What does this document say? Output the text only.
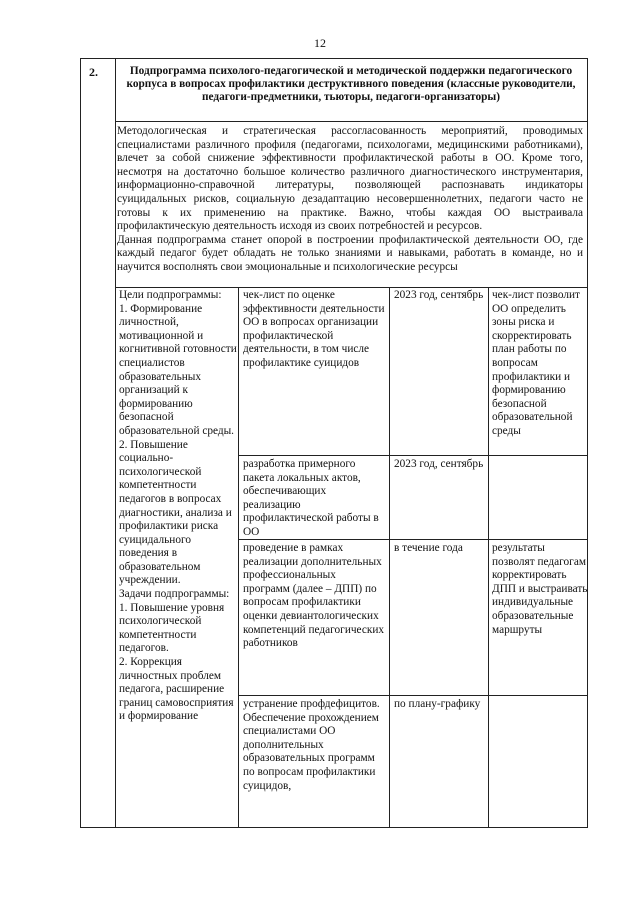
12
2.	Подпрограмма психолого-педагогической и методической поддержки педагогического корпуса в вопросах профилактики деструктивного поведения (классные руководители, педагоги-предметники, тьюторы, педагоги-организаторы)

Методологическая и стратегическая рассогласованность мероприятий, проводимых специалистами различного профиля (педагогами, психологами, медицинскими работниками), влечет за собой снижение эффективности профилактической работы в ОО. Кроме того, несмотря на достаточно большое количество различного диагностического инструментария, информационно-справочной литературы, позволяющей распознавать индикаторы суицидальных рисков, социальную дезадаптацию несовершеннолетних, педагоги часто не готовы к их применению на практике. Важно, чтобы каждая ОО выстраивала профилактическую деятельность исходя из своих потребностей и ресурсов.

Данная подпрограмма станет опорой в построении профилактической деятельности ОО, где каждый педагог будет обладать не только знаниями и навыками, работать в команде, но и научится восполнять свои эмоциональные и психологические ресурсы

Цели подпрограммы:
1. Формирование личностной, мотивационной и когнитивной готовности специалистов образовательных организаций к формированию безопасной образовательной среды.
2. Повышение социально-психологической компетентности педагогов в вопросах диагностики, анализа и профилактики риска суицидального поведения в образовательном учреждении.
Задачи подпрограммы:
1. Повышение уровня психологической компетентности педагогов.
2. Коррекция личностных проблем педагога, расширение границ самовосприятия и формирование
чек-лист по оценке эффективности деятельности ОО в вопросах организации профилактической деятельности, в том числе профилактике суицидов
2023 год, сентябрь чек-лист позволит ОО определить зоны риска и скорректировать план работы по вопросам профилактики и формированию безопасной образовательной среды
разработка примерного пакета локальных актов, обеспечивающих реализацию профилактической работы в ОО
2023 год, сентябрь
проведение в рамках реализации дополнительных профессиональных программ (далее – ДПП) по вопросам профилактики оценки девиантологических компетенций педагогических работников
в течение года	результаты позволят педагогам корректировать ДПП и выстраивать индивидуальные образовательные маршруты
устранение профдефицитов. Обеспечение прохождением специалистами ОО дополнительных образовательных программ по вопросам профилактики суицидов,
по плану-графику
